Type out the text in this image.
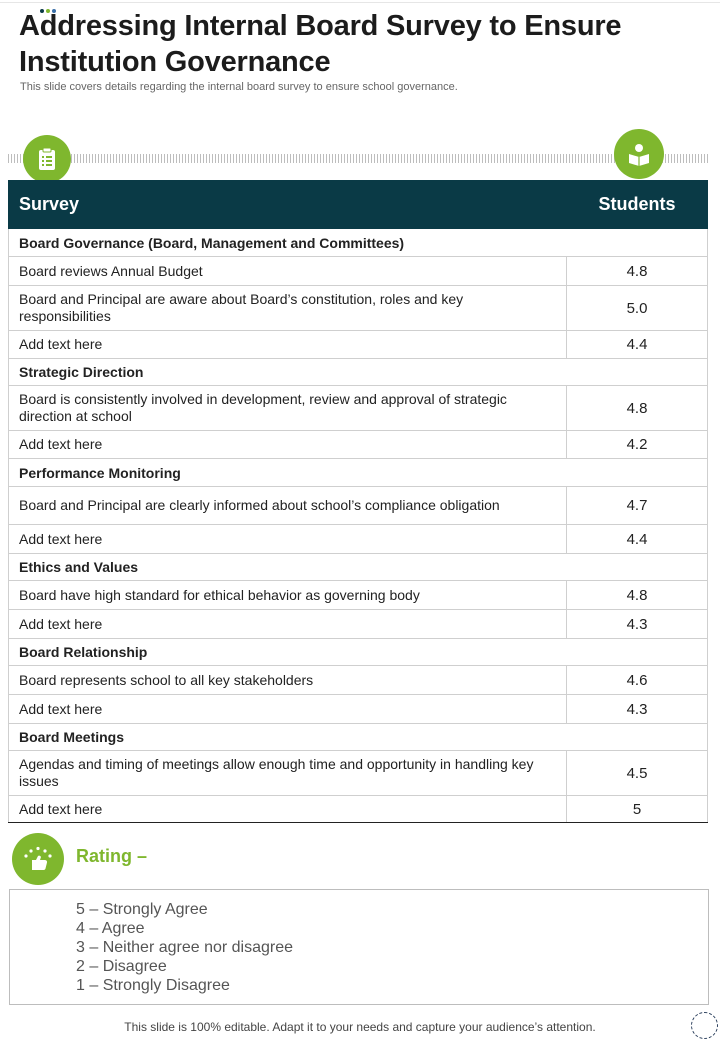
Addressing Internal Board Survey to Ensure Institution Governance

This slide covers details regarding the internal board survey to ensure school governance.

Survey	Students
Board Governance (Board, Management and Committees)	
Board reviews Annual Budget	4.8
Board and Principal are aware about Board’s constitution, roles and key responsibilities	5.0
Add text here	4.4
Strategic Direction	
Board is consistently involved in development, review and approval of strategic direction at school	4.8
Add text here	4.2
Performance Monitoring	
Board and Principal are clearly informed about school’s compliance obligation	4.7
Add text here	4.4
Ethics and Values	
Board have high standard for ethical behavior as governing body	4.8
Add text here	4.3
Board Relationship	
Board represents school to all key stakeholders	4.6
Add text here	4.3
Board Meetings	
Agendas and timing of meetings allow enough time and opportunity in handling key issues	4.5
Add text here	5
Rating –
5 – Strongly Agree
4 – Agree
3 – Neither agree nor disagree
2 – Disagree
1 – Strongly Disagree
This slide is 100% editable. Adapt it to your needs and capture your audience’s attention.
